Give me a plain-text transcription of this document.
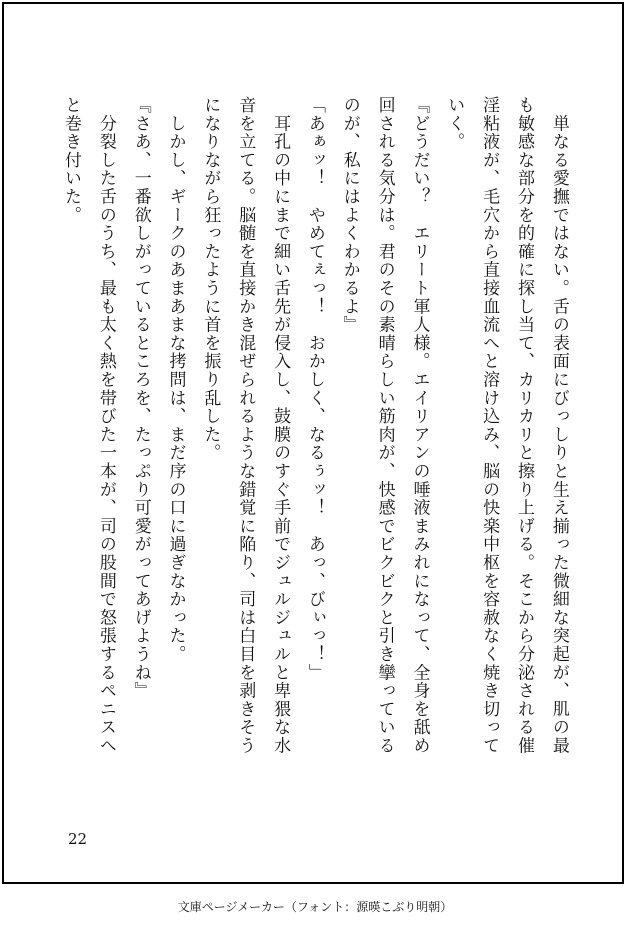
　単なる愛撫ではない。舌の表面にびっしりと生え揃った微細な突起が、肌の最
も敏感な部分を的確に探し当て、カリカリと擦り上げる。そこから分泌される催
淫粘液が、毛穴から直接血流へと溶け込み、脳の快楽中枢を容赦なく焼き切って
いく。
『どうだい？　エリート軍人様。エイリアンの唾液まみれになって、全身を舐め
回される気分は。君のその素晴らしい筋肉が、快感でビクビクと引き攣っている
のが、私にはよくわかるよ』
「あぁッ！　やめてぇっ！　おかしく、なるぅッ！　あっ、びぃっ！」
　耳孔の中にまで細い舌先が侵入し、鼓膜のすぐ手前でジュルジュルと卑猥な水
音を立てる。脳髄を直接かき混ぜられるような錯覚に陥り、司は白目を剥きそう
になりながら狂ったように首を振り乱した。
　しかし、ギークのあまあまな拷問は、まだ序の口に過ぎなかった。
『さあ、一番欲しがっているところを、たっぷり可愛がってあげようね』
　分裂した舌のうち、最も太く熱を帯びた一本が、司の股間で怒張するペニスへ
と巻き付いた。
22
文庫ページメーカー（フォント：源暎こぶり明朝）
